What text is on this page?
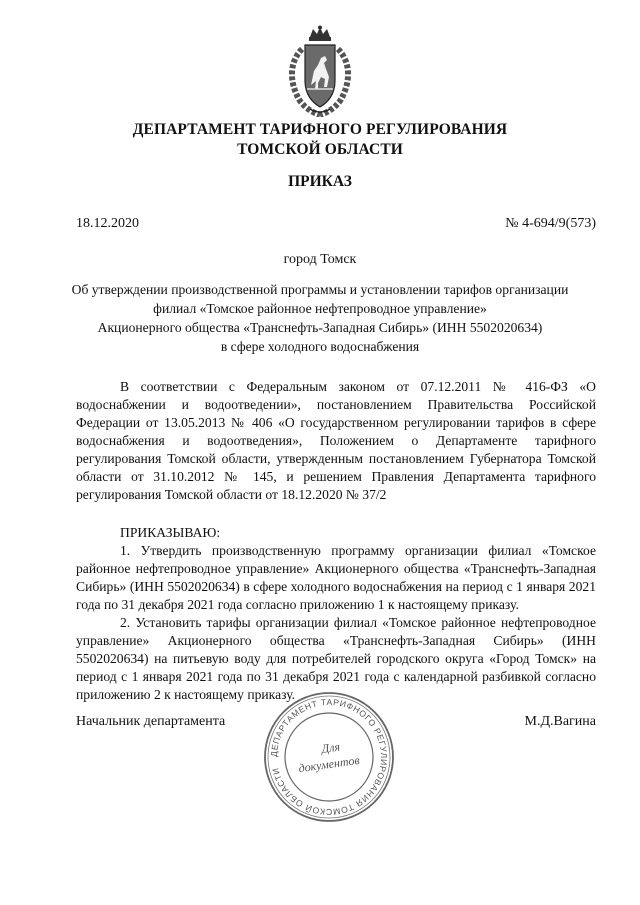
ДЕПАРТАМЕНТ ТАРИФНОГО РЕГУЛИРОВАНИЯ
ТОМСКОЙ ОБЛАСТИ
ПРИКАЗ
18.12.2020	№ 4-694/9(573)
город Томск
Об утверждении производственной программы и установлении тарифов организации
филиал «Томское районное нефтепроводное управление»
Акционерного общества «Транснефть-Западная Сибирь» (ИНН 5502020634)
в сфере холодного водоснабжения

В соответствии с Федеральным законом от 07.12.2011 № 416-ФЗ «О водоснабжении и водоотведении», постановлением Правительства Российской Федерации от 13.05.2013 № 406 «О государственном регулировании тарифов в сфере водоснабжения и водоотведения», Положением о Департаменте тарифного регулирования Томской области, утвержденным постановлением Губернатора Томской области от 31.10.2012 № 145, и решением Правления Департамента тарифного регулирования Томской области от 18.12.2020 № 37/2

ПРИКАЗЫВАЮ:

1. Утвердить производственную программу организации филиал «Томское районное нефтепроводное управление» Акционерного общества «Транснефть-Западная Сибирь» (ИНН 5502020634) в сфере холодного водоснабжения на период с 1 января 2021 года по 31 декабря 2021 года согласно приложению 1 к настоящему приказу.

2. Установить тарифы организации филиал «Томское районное нефтепроводное управление» Акционерного общества «Транснефть-Западная Сибирь» (ИНН 5502020634) на питьевую воду для потребителей городского округа «Город Томск» на период с 1 января 2021 года по 31 декабря 2021 года с календарной разбивкой согласно приложению 2 к настоящему приказу.

Начальник департамента	М.Д.Вагина
ДЕПАРТАМЕНТ ТАРИФНОГО РЕГУЛИРОВАНИЯ ТОМСКОЙ ОБЛАСТИ
Для
документов
